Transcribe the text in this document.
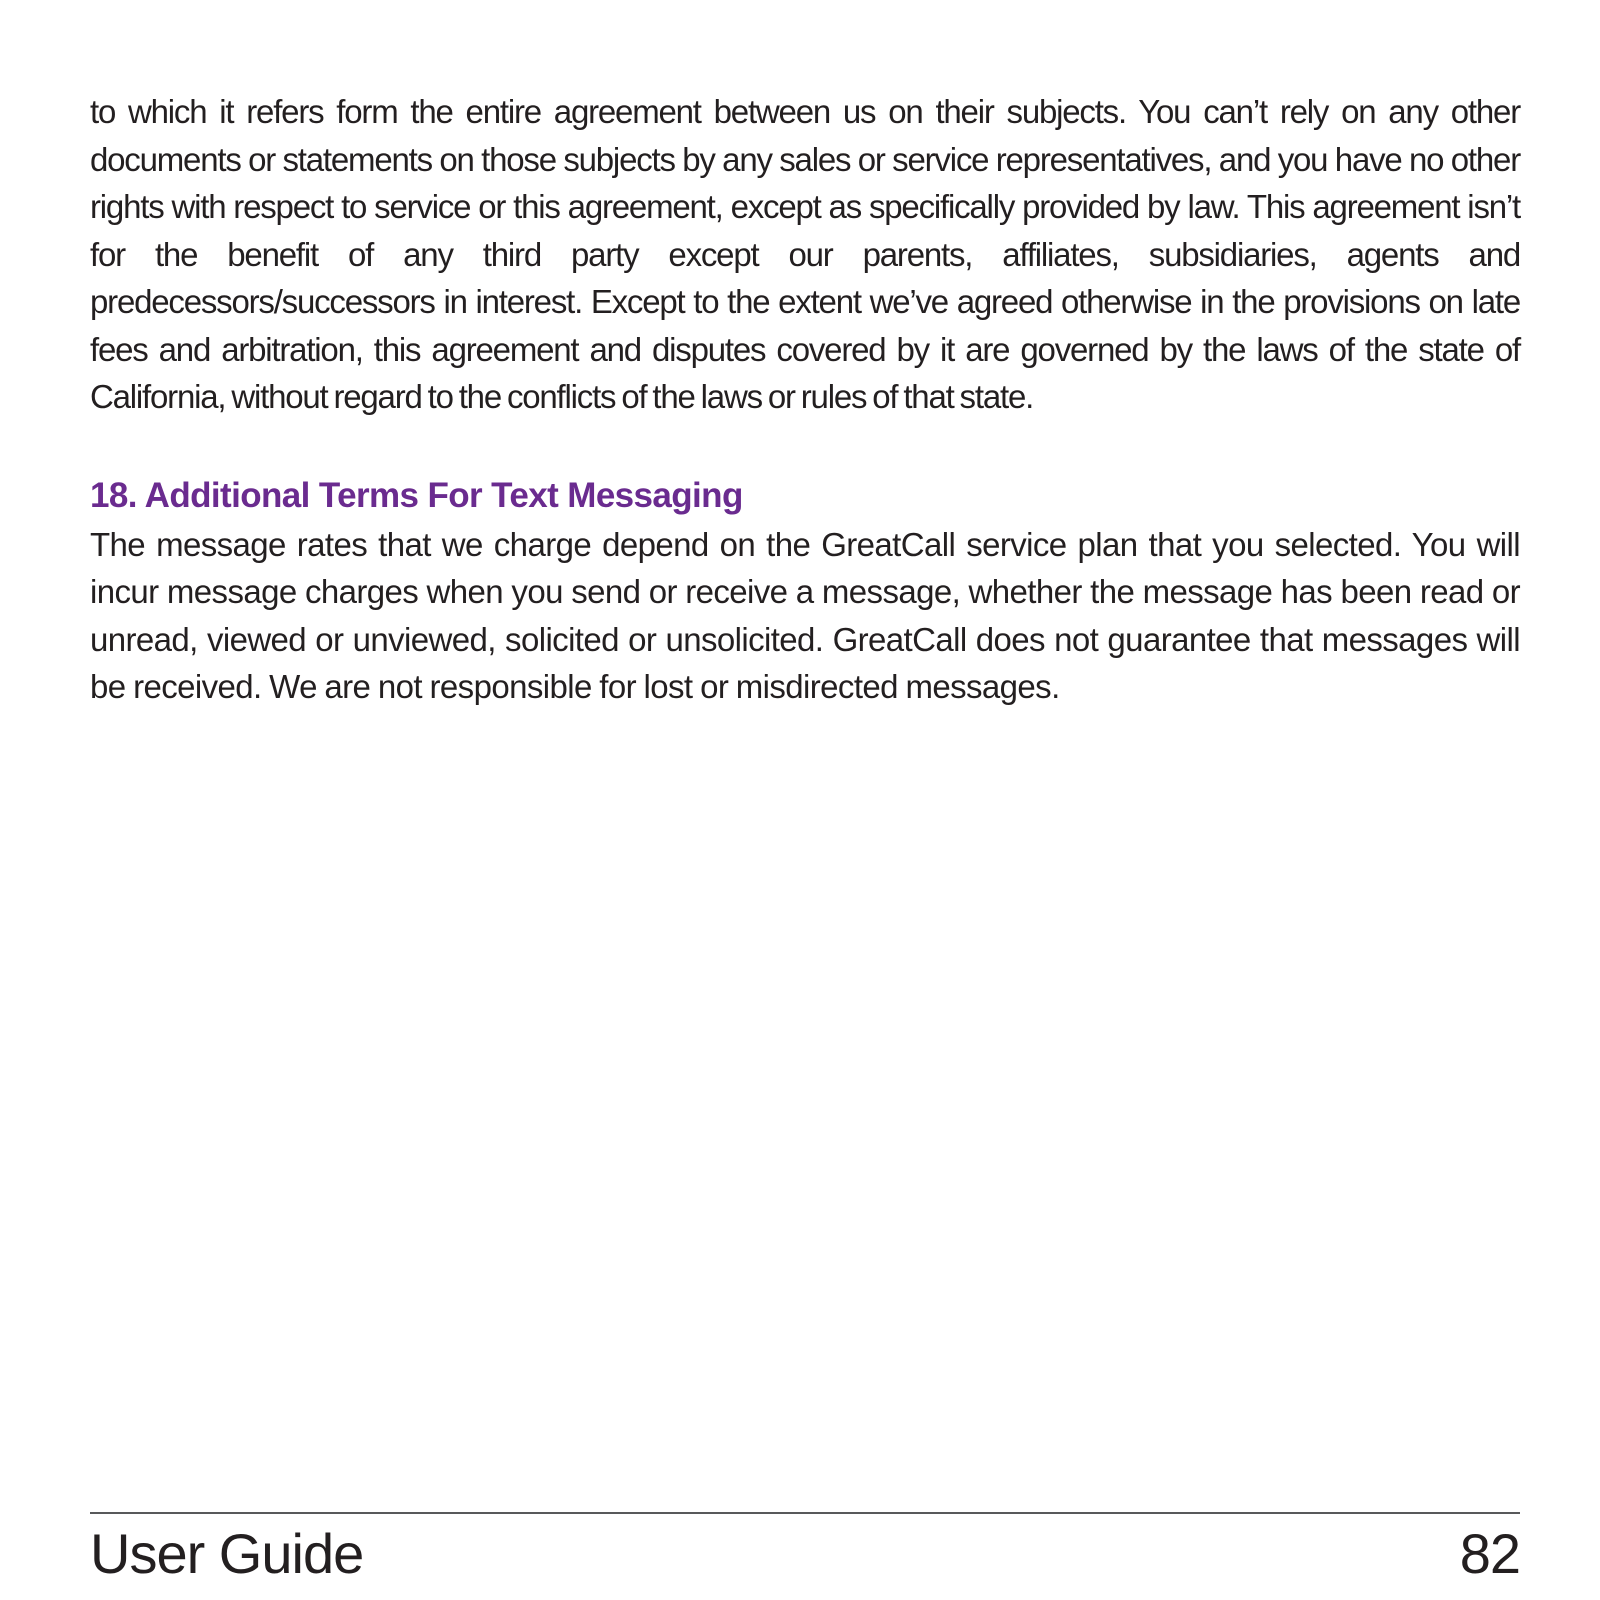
to which it refers form the entire agreement between us on their subjects. You can’t rely on any other documents or statements on those subjects by any sales or service representatives, and you have no other rights with respect to service or this agreement, except as specifically provided by law. This agreement isn’t for the benefit of any third party except our parents, affiliates, subsidiaries, agents and predecessors/successors in interest. Except to the extent we’ve agreed otherwise in the provisions on late fees and arbitration, this agreement and disputes covered by it are governed by the laws of the state of California, without regard to the conflicts of the laws or rules of that state.

18. Additional Terms For Text Messaging

The message rates that we charge depend on the GreatCall service plan that you selected. You will incur message charges when you send or receive a message, whether the message has been read or unread, viewed or unviewed, solicited or unsolicited. GreatCall does not guarantee that messages will be received. We are not responsible for lost or misdirected messages.

User Guide	82
